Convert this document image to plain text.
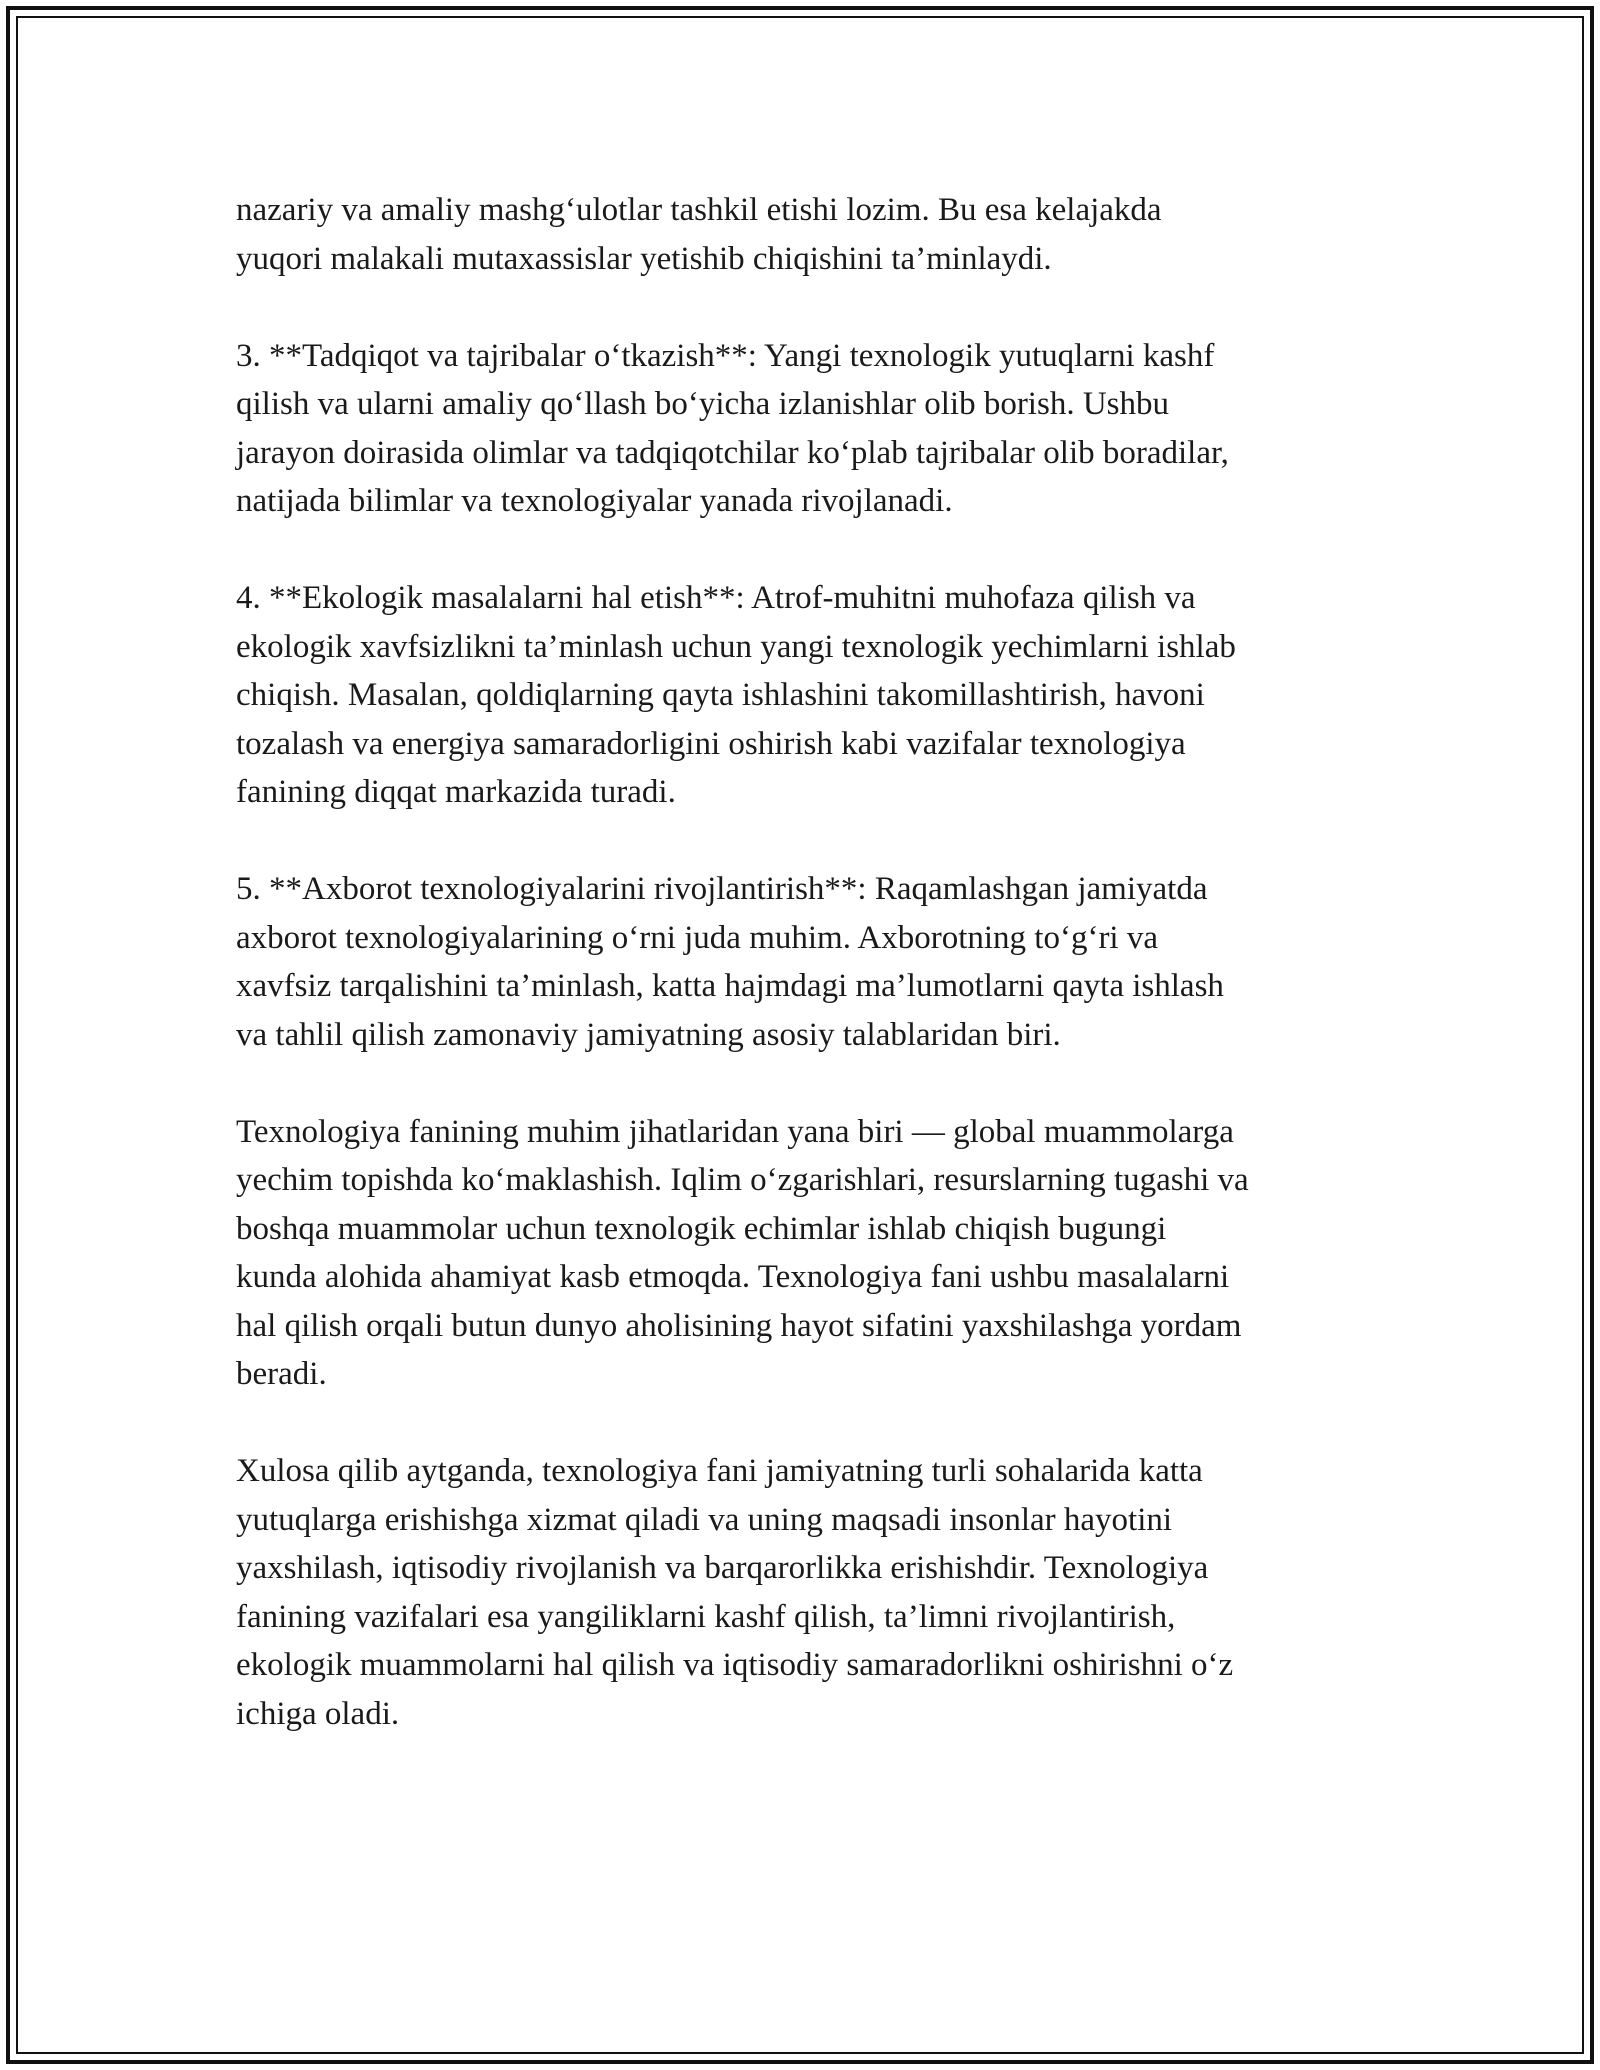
nazariy va amaliy mashg‘ulotlar tashkil etishi lozim. Bu esa kelajakda
yuqori malakali mutaxassislar yetishib chiqishini ta’minlaydi.

3. **Tadqiqot va tajribalar o‘tkazish**: Yangi texnologik yutuqlarni kashf
qilish va ularni amaliy qo‘llash bo‘yicha izlanishlar olib borish. Ushbu
jarayon doirasida olimlar va tadqiqotchilar ko‘plab tajribalar olib boradilar,
natijada bilimlar va texnologiyalar yanada rivojlanadi.

4. **Ekologik masalalarni hal etish**: Atrof-muhitni muhofaza qilish va
ekologik xavfsizlikni ta’minlash uchun yangi texnologik yechimlarni ishlab
chiqish. Masalan, qoldiqlarning qayta ishlashini takomillashtirish, havoni
tozalash va energiya samaradorligini oshirish kabi vazifalar texnologiya
fanining diqqat markazida turadi.

5. **Axborot texnologiyalarini rivojlantirish**: Raqamlashgan jamiyatda
axborot texnologiyalarining o‘rni juda muhim. Axborotning to‘g‘ri va
xavfsiz tarqalishini ta’minlash, katta hajmdagi ma’lumotlarni qayta ishlash
va tahlil qilish zamonaviy jamiyatning asosiy talablaridan biri.

Texnologiya fanining muhim jihatlaridan yana biri — global muammolarga
yechim topishda ko‘maklashish. Iqlim o‘zgarishlari, resurslarning tugashi va
boshqa muammolar uchun texnologik echimlar ishlab chiqish bugungi
kunda alohida ahamiyat kasb etmoqda. Texnologiya fani ushbu masalalarni
hal qilish orqali butun dunyo aholisining hayot sifatini yaxshilashga yordam
beradi.

Xulosa qilib aytganda, texnologiya fani jamiyatning turli sohalarida katta
yutuqlarga erishishga xizmat qiladi va uning maqsadi insonlar hayotini
yaxshilash, iqtisodiy rivojlanish va barqarorlikka erishishdir. Texnologiya
fanining vazifalari esa yangiliklarni kashf qilish, ta’limni rivojlantirish,
ekologik muammolarni hal qilish va iqtisodiy samaradorlikni oshirishni o‘z
ichiga oladi.
